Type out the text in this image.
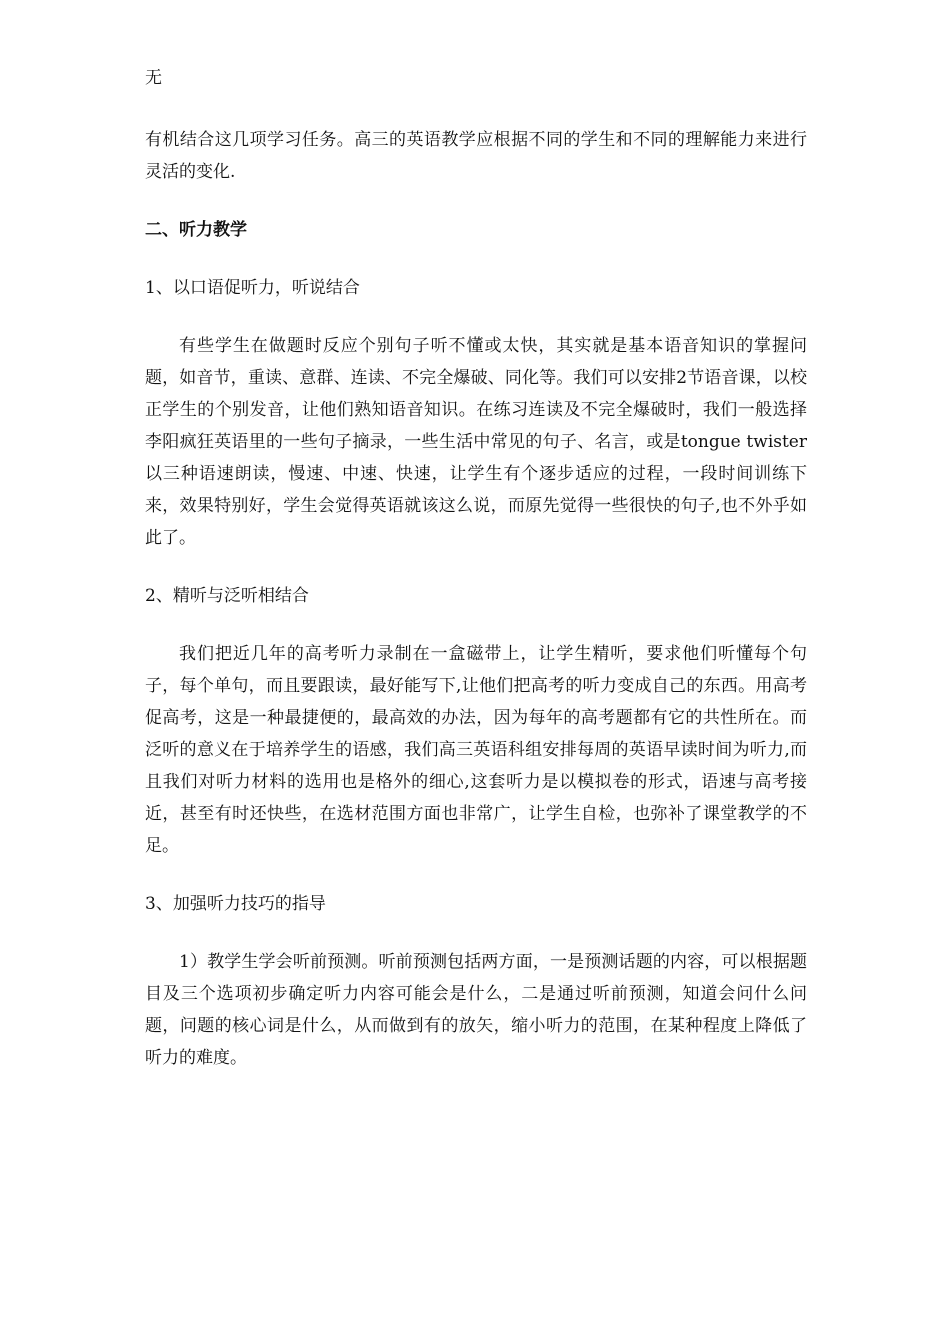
无

有机结合这几项学习任务。高三的英语教学应根据不同的学生和不同的理解能力来进行灵活的变化.

二、听力教学

1、以口语促听力，听说结合

有些学生在做题时反应个别句子听不懂或太快，其实就是基本语音知识的掌握问题，如音节，重读、意群、连读、不完全爆破、同化等。我们可以安排2节语音课，以校正学生的个别发音，让他们熟知语音知识。在练习连读及不完全爆破时，我们一般选择李阳疯狂英语里的一些句子摘录，一些生活中常见的句子、名言，或是tongue twister以三种语速朗读，慢速、中速、快速，让学生有个逐步适应的过程，一段时间训练下来，效果特别好，学生会觉得英语就该这么说，而原先觉得一些很快的句子,也不外乎如此了。

2、精听与泛听相结合

我们把近几年的高考听力录制在一盒磁带上，让学生精听，要求他们听懂每个句子，每个单句，而且要跟读，最好能写下,让他们把高考的听力变成自己的东西。用高考促高考，这是一种最捷便的，最高效的办法，因为每年的高考题都有它的共性所在。而泛听的意义在于培养学生的语感，我们高三英语科组安排每周的英语早读时间为听力,而且我们对听力材料的选用也是格外的细心,这套听力是以模拟卷的形式，语速与高考接近，甚至有时还快些，在选材范围方面也非常广，让学生自检，也弥补了课堂教学的不足。

3、加强听力技巧的指导

1）教学生学会听前预测。听前预测包括两方面，一是预测话题的内容，可以根据题目及三个选项初步确定听力内容可能会是什么，二是通过听前预测，知道会问什么问题，问题的核心词是什么，从而做到有的放矢，缩小听力的范围，在某种程度上降低了听力的难度。
